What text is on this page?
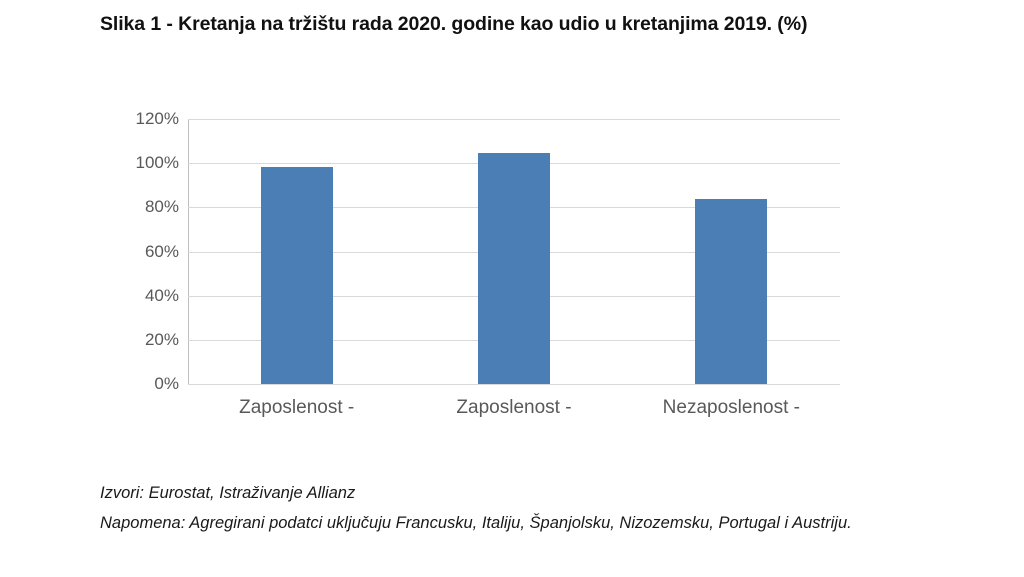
Slika 1 - Kretanja na tržištu rada 2020. godine kao udio u kretanjima 2019. (%)
120%
100%
80%
60%
40%
20%
0%
Zaposlenost -	Zaposlenost -	Nezaposlenost -
Izvori: Eurostat, Istraživanje Allianz
Napomena: Agregirani podatci uključuju Francusku, Italiju, Španjolsku, Nizozemsku, Portugal i Austriju.
